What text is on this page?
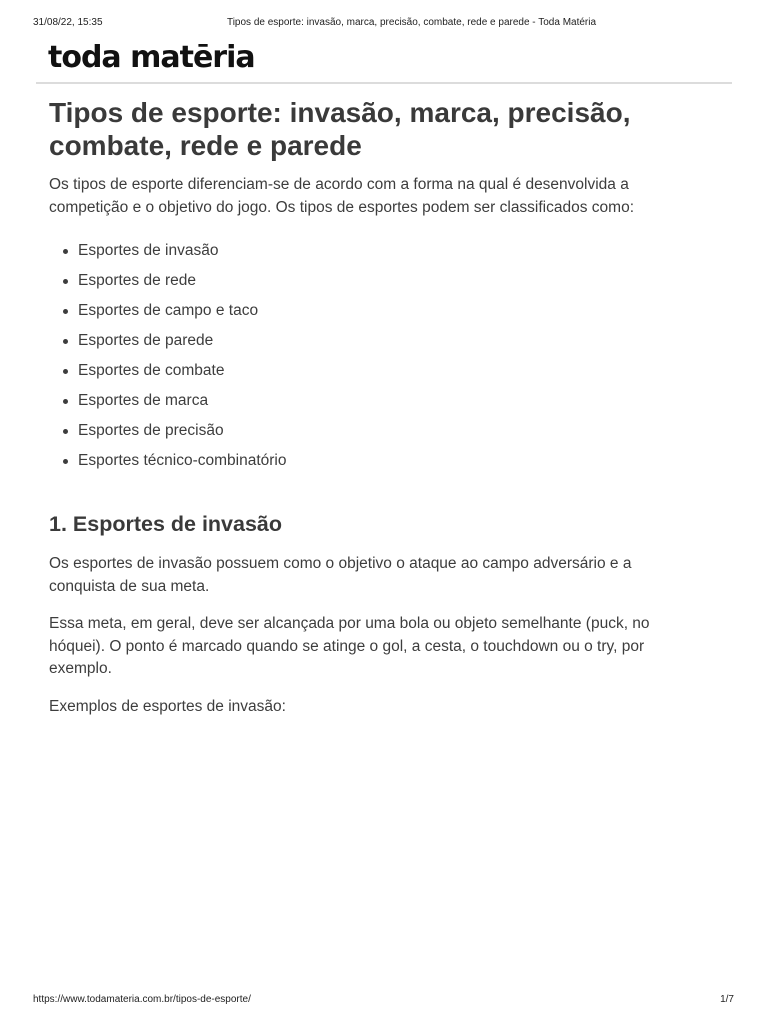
31/08/22, 15:35	Tipos de esporte: invasão, marca, precisão, combate, rede e parede - Toda Matéria
toda matēria
Tipos de esporte: invasão, marca, precisão, combate, rede e parede

Os tipos de esporte diferenciam-se de acordo com a forma na qual é desenvolvida a competição e o objetivo do jogo. Os tipos de esportes podem ser classificados como:

Esportes de invasão
Esportes de rede
Esportes de campo e taco
Esportes de parede
Esportes de combate
Esportes de marca
Esportes de precisão
Esportes técnico-combinatório
1. Esportes de invasão

Os esportes de invasão possuem como o objetivo o ataque ao campo adversário e a conquista de sua meta.

Essa meta, em geral, deve ser alcançada por uma bola ou objeto semelhante (puck, no hóquei). O ponto é marcado quando se atinge o gol, a cesta, o touchdown ou o try, por exemplo.

Exemplos de esportes de invasão:

https://www.todamateria.com.br/tipos-de-esporte/	1/7
